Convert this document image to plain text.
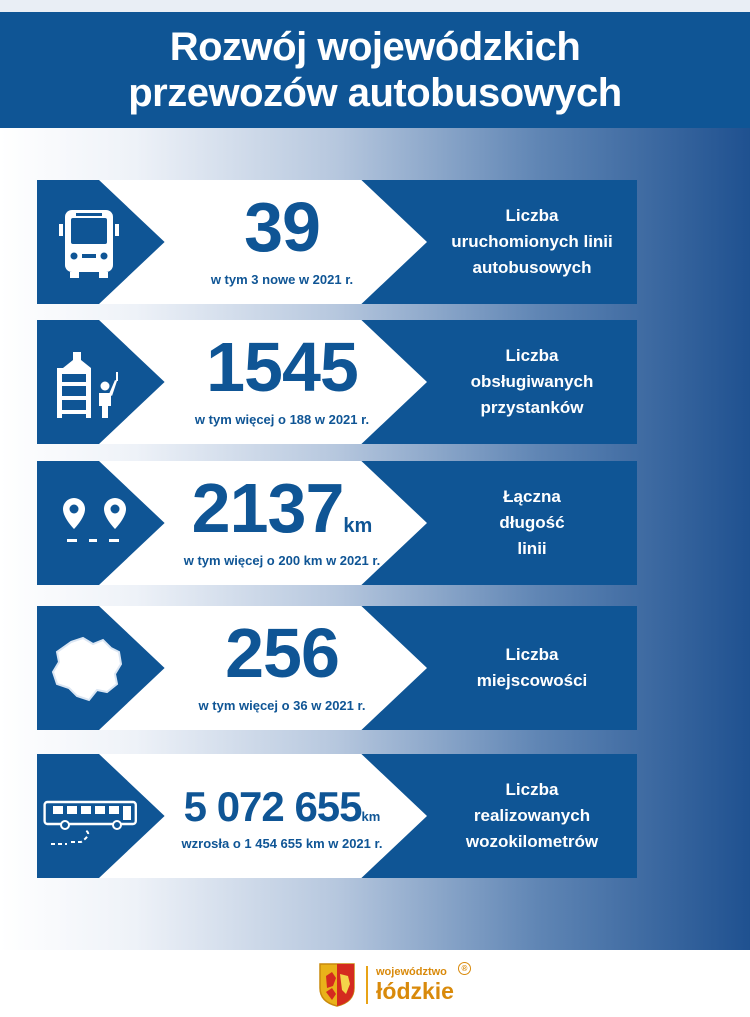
Rozwój wojewódzkich
przewozów autobusowych
39
w tym 3 nowe w 2021 r.
Liczba
uruchomionych linii
autobusowych
1545
w tym więcej o 188 w 2021 r.
Liczba
obsługiwanych
przystanków
2137km
w tym więcej o 200 km w 2021 r.
Łączna
długość
linii
256
w tym więcej o 36 w 2021 r.
Liczba
miejscowości
5 072 655km
wzrosła o 1 454 655 km w 2021 r.
Liczba
realizowanych
wozokilometrów
województwo
łódzkie
®
